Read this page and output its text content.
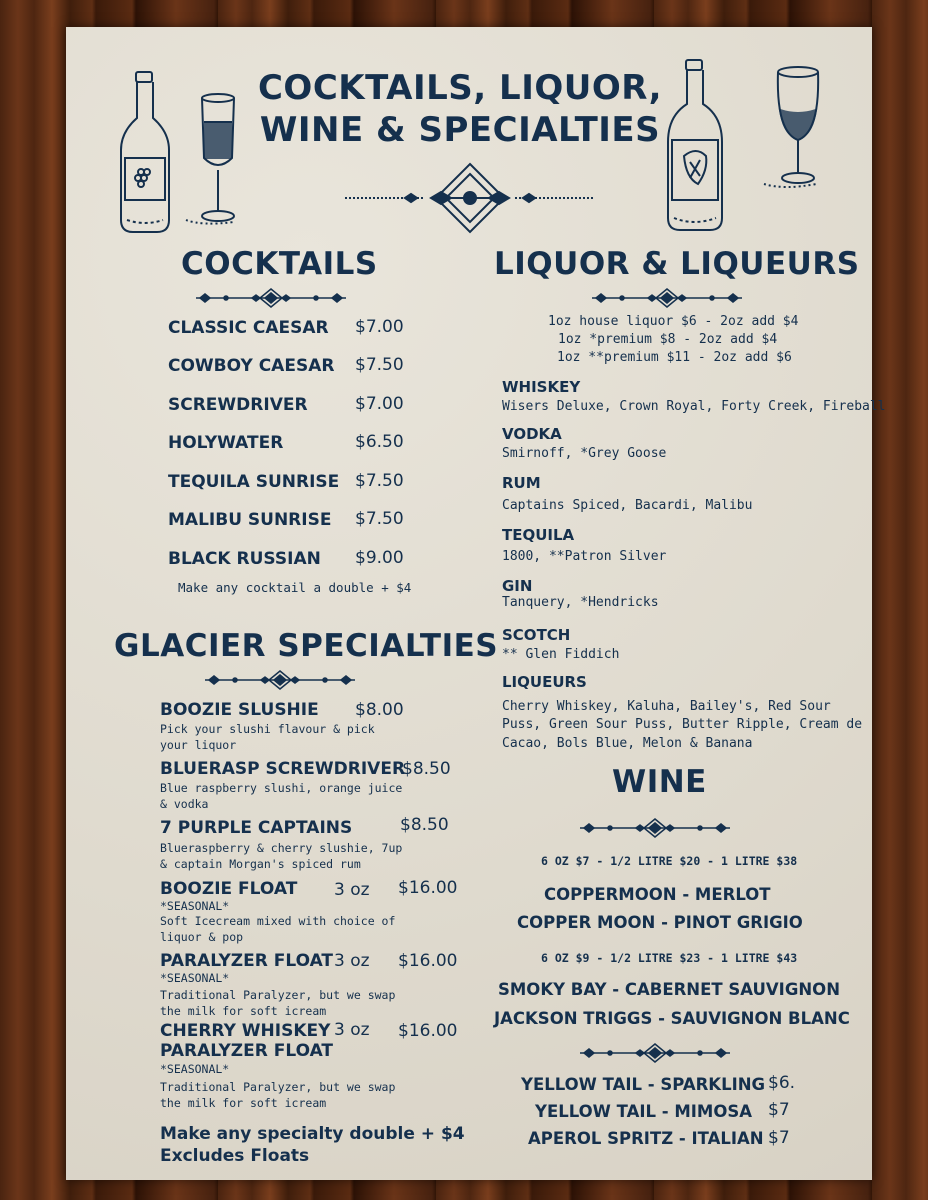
COCKTAILS, LIQUOR,
WINE & SPECIALTIES
COCKTAILS
CLASSIC CAESAR $7.00
COWBOY CAESAR $7.50
SCREWDRIVER	$7.00
HOLYWATER	$6.50
TEQUILA SUNRISE $7.50
MALIBU SUNRISE $7.50
BLACK RUSSIAN $9.00
Make any cocktail a double + $4
GLACIER SPECIALTIES
BOOZIE SLUSHIE $8.00
Pick your slushi flavour & pick
your liquor
BLUERASP SCREWDRIVER
$8.50
Blue raspberry slushi, orange juice
& vodka
7 PURPLE CAPTAINS	$8.50
Blueraspberry & cherry slushie, 7up
& captain Morgan's spiced rum
BOOZIE FLOAT 3 oz $16.00
*SEASONAL*
Soft Icecream mixed with choice of
liquor & pop
PARALYZER FLOAT 3 oz $16.00
*SEASONAL*
Traditional Paralyzer, but we swap
the milk for soft icream
CHERRY WHISKEY
PARALYZER FLOAT
3 oz $16.00
*SEASONAL*
Traditional Paralyzer, but we swap
the milk for soft icream
Make any specialty double + $4
Excludes Floats
LIQUOR & LIQUEURS
1oz house liquor $6 - 2oz add $4
1oz *premium $8 - 2oz add $4
1oz **premium $11 - 2oz add $6
WHISKEY
Wisers Deluxe, Crown Royal, Forty Creek, Fireball
VODKA
Smirnoff, *Grey Goose
RUM
Captains Spiced, Bacardi, Malibu
TEQUILA
1800, **Patron Silver
GIN
Tanquery, *Hendricks
SCOTCH
** Glen Fiddich
LIQUEURS
Cherry Whiskey, Kaluha, Bailey's, Red Sour
Puss, Green Sour Puss, Butter Ripple, Cream de
Cacao, Bols Blue, Melon & Banana
WINE
6 OZ $7 - 1/2 LITRE $20 - 1 LITRE $38
COPPERMOON - MERLOT
COPPER MOON - PINOT GRIGIO
6 OZ $9 - 1/2 LITRE $23 - 1 LITRE $43
SMOKY BAY - CABERNET SAUVIGNON
JACKSON TRIGGS - SAUVIGNON BLANC
YELLOW TAIL - SPARKLING $6.
YELLOW TAIL - MIMOSA $7
APEROL SPRITZ - ITALIAN $7
